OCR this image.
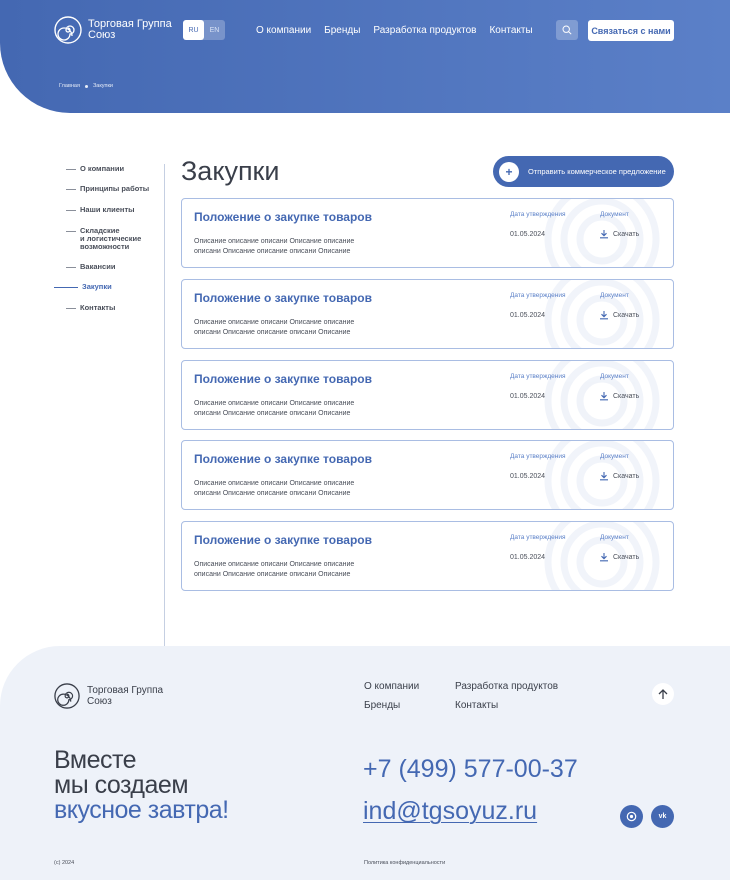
Торговая Группа
Союз	RU	EN	О компании Бренды Разработка продуктов Контакты	Связаться с нами
Главная Закупки
О компании
Принципы работы
Наши клиенты
Складские
и логистические
возможности
Вакансии
Закупки
Контакты
Закупки	+	Отправить коммерческое предложение
Положение о закупке товаров
Описание описание описани Описание описание описани Описание описание описани Описание
Дата утверждения
01.05.2024
Документ
Скачать
Положение о закупке товаров
Описание описание описани Описание описание описани Описание описание описани Описание
Дата утверждения
01.05.2024
Документ
Скачать
Положение о закупке товаров
Описание описание описани Описание описание описани Описание описание описани Описание
Дата утверждения
01.05.2024
Документ
Скачать
Положение о закупке товаров
Описание описание описани Описание описание описани Описание описание описани Описание
Дата утверждения
01.05.2024
Документ
Скачать
Положение о закупке товаров
Описание описание описани Описание описание описани Описание описание описани Описание
Дата утверждения
01.05.2024
Документ
Скачать
Торговая Группа
Союз
О компании	Разработка продуктов
Бренды	Контакты
Вместе
мы создаем
вкусное завтра!
+7 (499) 577-00-37
ind@tgsoyuz.ru	vk
(с) 2024	Политика конфиденциальности
